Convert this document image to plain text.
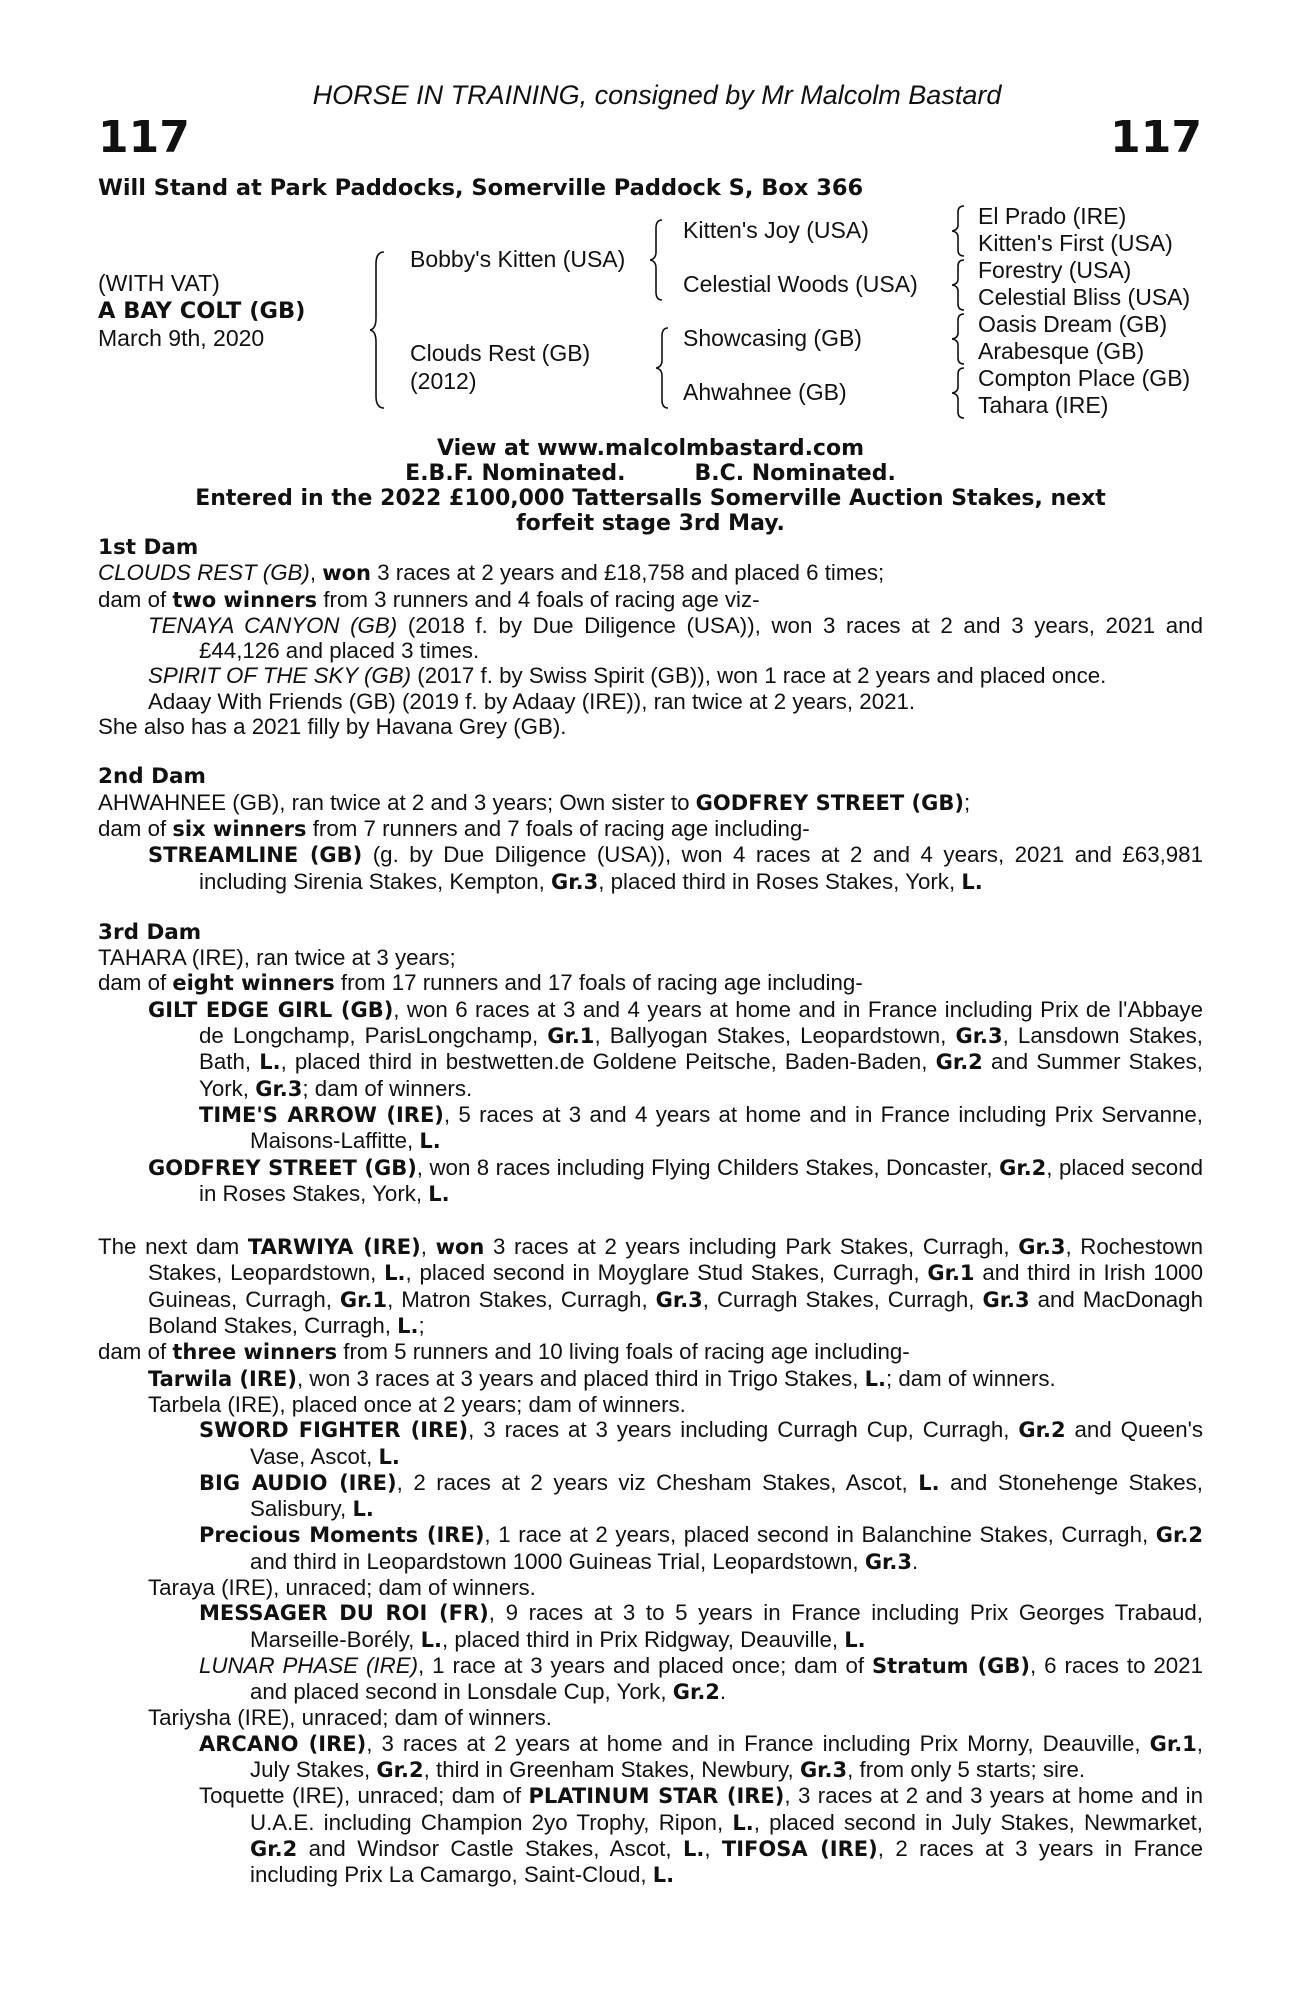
HORSE IN TRAINING, consigned by Mr Malcolm Bastard
117	117
Will Stand at Park Paddocks, Somerville Paddock S, Box 366
(WITH VAT)
A BAY COLT (GB)
March 9th, 2020
Bobby's Kitten (USA)
Clouds Rest (GB)
(2012)
Kitten's Joy (USA)
Celestial Woods (USA)
Showcasing (GB)
Ahwahnee (GB)
El Prado (IRE)
Kitten's First (USA)
Forestry (USA)
Celestial Bliss (USA)
Oasis Dream (GB)
Arabesque (GB)
Compton Place (GB)
Tahara (IRE)
View at www.malcolmbastard.com
E.B.F. Nominated.	B.C. Nominated.
Entered in the 2022 £100,000 Tattersalls Somerville Auction Stakes, next
forfeit stage 3rd May.

1st Dam

CLOUDS REST (GB), won 3 races at 2 years and £18,758 and placed 6 times;

dam of two winners from 3 runners and 4 foals of racing age viz-

TENAYA CANYON (GB) (2018 f. by Due Diligence (USA)), won 3 races at 2 and 3 years, 2021 and £44,126 and placed 3 times.

SPIRIT OF THE SKY (GB) (2017 f. by Swiss Spirit (GB)), won 1 race at 2 years and placed once.

Adaay With Friends (GB) (2019 f. by Adaay (IRE)), ran twice at 2 years, 2021.

She also has a 2021 filly by Havana Grey (GB).

2nd Dam

AHWAHNEE (GB), ran twice at 2 and 3 years; Own sister to GODFREY STREET (GB);

dam of six winners from 7 runners and 7 foals of racing age including-

STREAMLINE (GB) (g. by Due Diligence (USA)), won 4 races at 2 and 4 years, 2021 and £63,981 including Sirenia Stakes, Kempton, Gr.3, placed third in Roses Stakes, York, L.

3rd Dam

TAHARA (IRE), ran twice at 3 years;

dam of eight winners from 17 runners and 17 foals of racing age including-

GILT EDGE GIRL (GB), won 6 races at 3 and 4 years at home and in France including Prix de l'Abbaye de Longchamp, ParisLongchamp, Gr.1, Ballyogan Stakes, Leopardstown, Gr.3, Lansdown Stakes, Bath, L., placed third in bestwetten.de Goldene Peitsche, Baden-Baden, Gr.2 and Summer Stakes, York, Gr.3; dam of winners.

TIME'S ARROW (IRE), 5 races at 3 and 4 years at home and in France including Prix Servanne, Maisons-Laffitte, L.

GODFREY STREET (GB), won 8 races including Flying Childers Stakes, Doncaster, Gr.2, placed second in Roses Stakes, York, L.

The next dam TARWIYA (IRE), won 3 races at 2 years including Park Stakes, Curragh, Gr.3, Rochestown Stakes, Leopardstown, L., placed second in Moyglare Stud Stakes, Curragh, Gr.1 and third in Irish 1000 Guineas, Curragh, Gr.1, Matron Stakes, Curragh, Gr.3, Curragh Stakes, Curragh, Gr.3 and MacDonagh Boland Stakes, Curragh, L.;

dam of three winners from 5 runners and 10 living foals of racing age including-

Tarwila (IRE), won 3 races at 3 years and placed third in Trigo Stakes, L.; dam of winners.

Tarbela (IRE), placed once at 2 years; dam of winners.

SWORD FIGHTER (IRE), 3 races at 3 years including Curragh Cup, Curragh, Gr.2 and Queen's Vase, Ascot, L.

BIG AUDIO (IRE), 2 races at 2 years viz Chesham Stakes, Ascot, L. and Stonehenge Stakes, Salisbury, L.

Precious Moments (IRE), 1 race at 2 years, placed second in Balanchine Stakes, Curragh, Gr.2 and third in Leopardstown 1000 Guineas Trial, Leopardstown, Gr.3.

Taraya (IRE), unraced; dam of winners.

MESSAGER DU ROI (FR), 9 races at 3 to 5 years in France including Prix Georges Trabaud, Marseille-Borély, L., placed third in Prix Ridgway, Deauville, L.

LUNAR PHASE (IRE), 1 race at 3 years and placed once; dam of Stratum (GB), 6 races to 2021 and placed second in Lonsdale Cup, York, Gr.2.

Tariysha (IRE), unraced; dam of winners.

ARCANO (IRE), 3 races at 2 years at home and in France including Prix Morny, Deauville, Gr.1, July Stakes, Gr.2, third in Greenham Stakes, Newbury, Gr.3, from only 5 starts; sire.

Toquette (IRE), unraced; dam of PLATINUM STAR (IRE), 3 races at 2 and 3 years at home and in U.A.E. including Champion 2yo Trophy, Ripon, L., placed second in July Stakes, Newmarket, Gr.2 and Windsor Castle Stakes, Ascot, L., TIFOSA (IRE), 2 races at 3 years in France including Prix La Camargo, Saint-Cloud, L.
